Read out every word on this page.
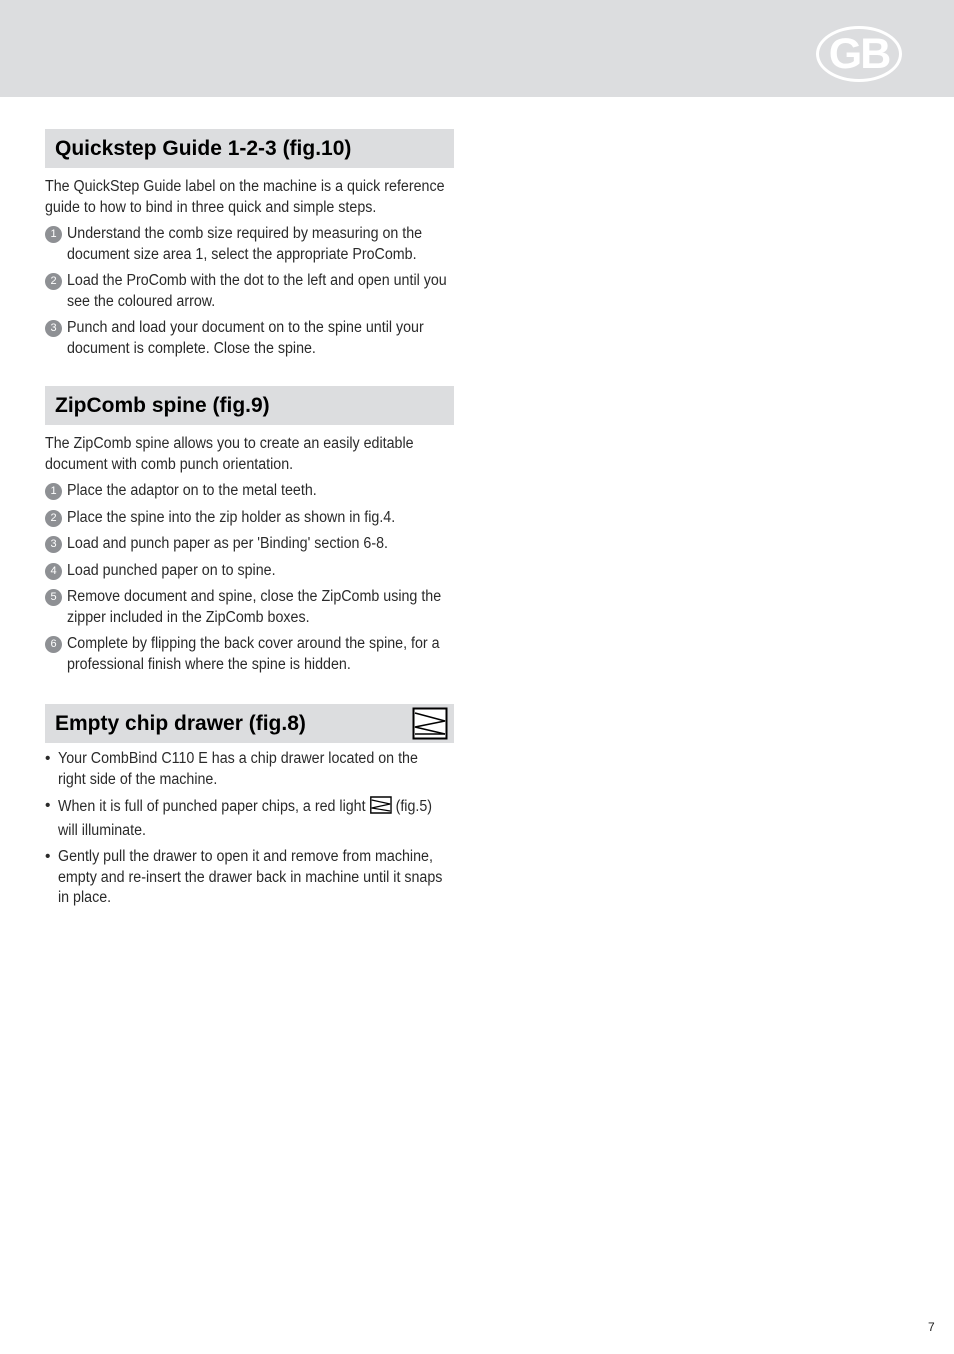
GB
Quickstep Guide 1-2-3 (fig.10)

The QuickStep Guide label on the machine is a quick reference guide to how to bind in three quick and simple steps.

1 Understand the comb size required by measuring on the document size area 1, select the appropriate ProComb.
2 Load the ProComb with the dot to the left and open until you see the coloured arrow.
3 Punch and load your document on to the spine until your document is complete. Close the spine.
ZipComb spine (fig.9)

The ZipComb spine allows you to create an easily editable document with comb punch orientation.

1 Place the adaptor on to the metal teeth.
2 Place the spine into the zip holder as shown in fig.4.
3 Load and punch paper as per 'Binding' section 6-8.
4 Load punched paper on to spine.
5 Remove document and spine, close the ZipComb using the zipper included in the ZipComb boxes.
6 Complete by flipping the back cover around the spine, for a professional finish where the spine is hidden.
Empty chip drawer (fig.8)
• Your CombBind C110 E has a chip drawer located on the right side of the machine.
• When it is full of punched paper chips, a red light (fig.5) will illuminate.
• Gently pull the drawer to open it and remove from machine, empty and re-insert the drawer back in machine until it snaps in place.
7
